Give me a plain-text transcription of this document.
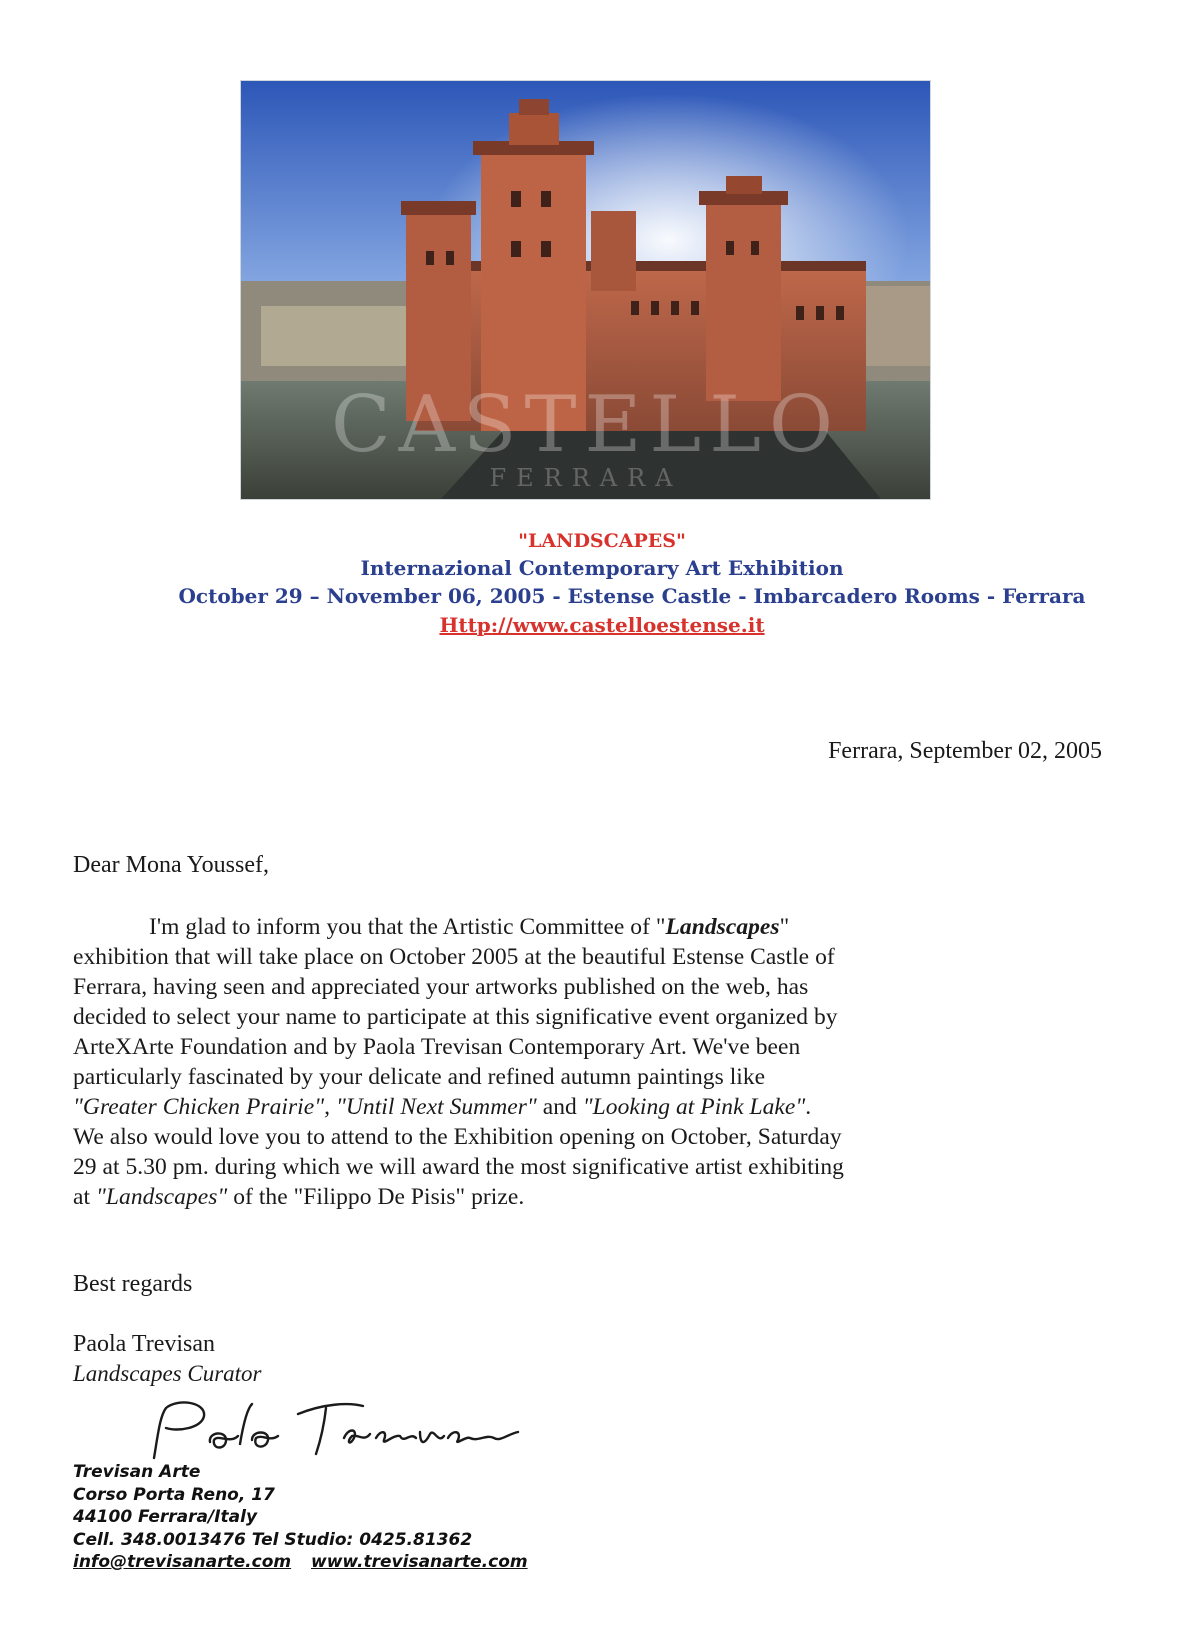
CASTELLO
FERRARA
"LANDSCAPES"
Internazional Contemporary Art Exhibition
October 29 – November 06, 2005 - Estense Castle - Imbarcadero Rooms - Ferrara
Http://www.castelloestense.it
Ferrara, September 02, 2005
Dear Mona Youssef,
I'm glad to inform you that the Artistic Committee of "Landscapes"
exhibition that will take place on October 2005 at the beautiful Estense Castle of
Ferrara, having seen and appreciated your artworks published on the web, has
decided to select your name to participate at this significative event organized by
ArteXArte Foundation and by Paola Trevisan Contemporary Art. We've been
particularly fascinated by your delicate and refined autumn paintings like
"Greater Chicken Prairie", "Until Next Summer" and "Looking at Pink Lake".
We also would love you to attend to the Exhibition opening on October, Saturday
29 at 5.30 pm. during which we will award the most significative artist exhibiting
at "Landscapes" of the "Filippo De Pisis" prize.
Best regards
Paola Trevisan
Landscapes Curator
Trevisan Arte
Corso Porta Reno, 17
44100 Ferrara/Italy
Cell. 348.0013476 Tel Studio: 0425.81362
info@trevisanarte.com www.trevisanarte.com
